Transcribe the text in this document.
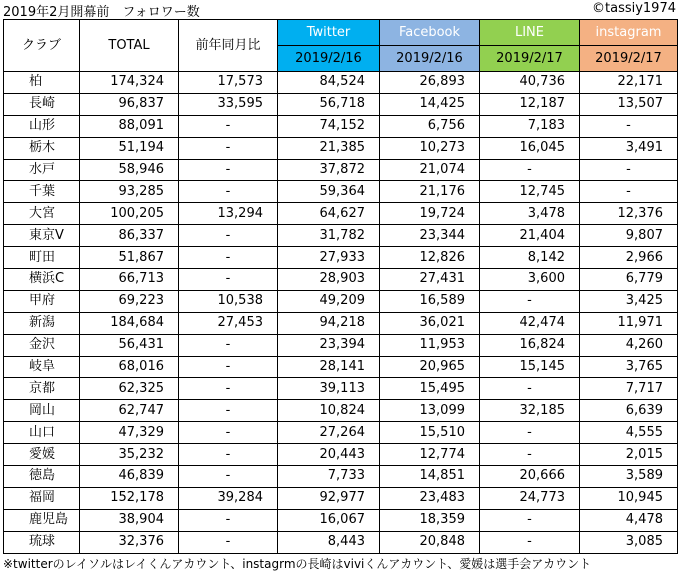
2019年2月開幕前　フォロワー数	©tassiy1974
クラブ	TOTAL	前年同月比	Twitter	Facebook	LINE	instagram
			2019/2/16	2019/2/16	2019/2/17	2019/2/17
柏	174,324	17,573	84,524	26,893	40,736	22,171
長崎	96,837	33,595	56,718	14,425	12,187	13,507
山形	88,091	-	74,152	6,756	7,183	-
栃木	51,194	-	21,385	10,273	16,045	3,491
水戸	58,946	-	37,872	21,074	-	-
千葉	93,285	-	59,364	21,176	12,745	-
大宮	100,205	13,294	64,627	19,724	3,478	12,376
東京V	86,337	-	31,782	23,344	21,404	9,807
町田	51,867	-	27,933	12,826	8,142	2,966
横浜C	66,713	-	28,903	27,431	3,600	6,779
甲府	69,223	10,538	49,209	16,589	-	3,425
新潟	184,684	27,453	94,218	36,021	42,474	11,971
金沢	56,431	-	23,394	11,953	16,824	4,260
岐阜	68,016	-	28,141	20,965	15,145	3,765
京都	62,325	-	39,113	15,495	-	7,717
岡山	62,747	-	10,824	13,099	32,185	6,639
山口	47,329	-	27,264	15,510	-	4,555
愛媛	35,232	-	20,443	12,774	-	2,015
徳島	46,839	-	7,733	14,851	20,666	3,589
福岡	152,178	39,284	92,977	23,483	24,773	10,945
鹿児島	38,904	-	16,067	18,359	-	4,478
琉球	32,376	-	8,443	20,848	-	3,085
※twitterのレイソルはレイくんアカウント、instagrmの長崎はviviくんアカウント、愛媛は選手会アカウント
